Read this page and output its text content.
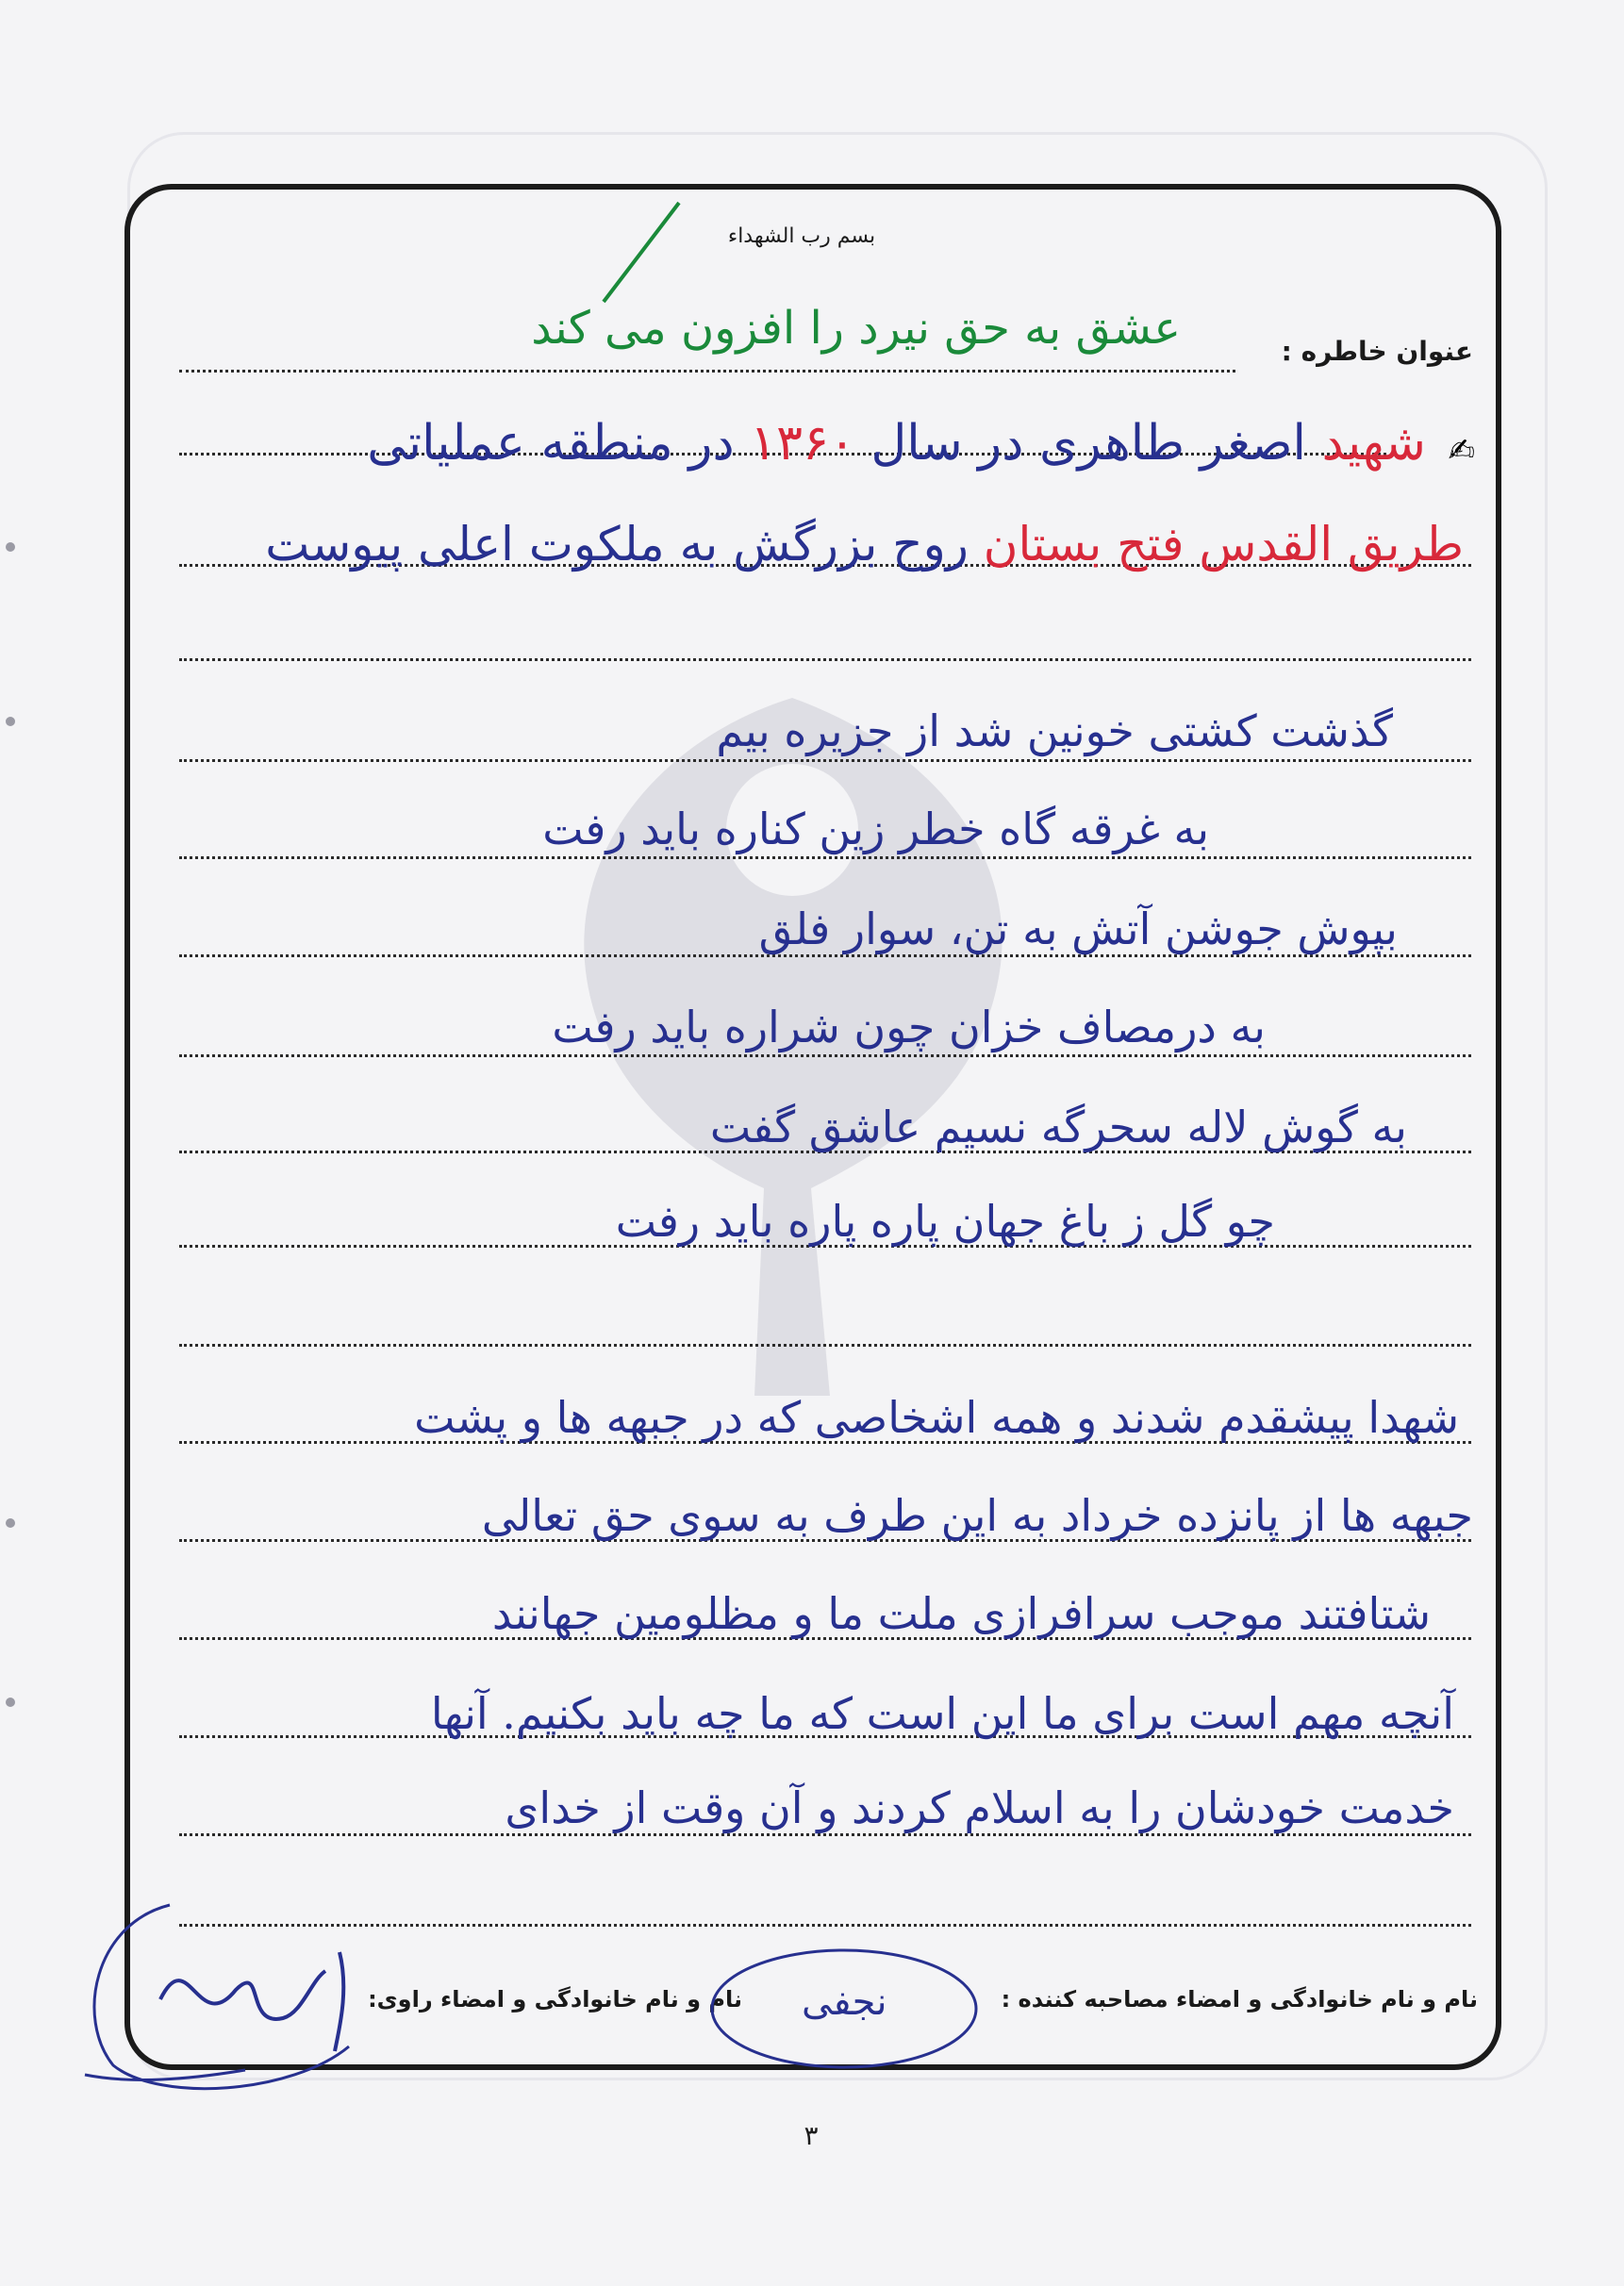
بسم رب الشهداء
عنوان خاطره :
عشق به حق نیرد را افزون می کند
✍
شهید اصغر طاهری در سال ۱۳۶۰ در منطقه عملیاتی
طریق القدس فتح بستان روح بزرگش به ملکوت اعلی پیوست
گذشت کشتی خونین شد از جزیره بیم
به غرقه گاه خطر زین کناره باید رفت
بپوش جوشن آتش به تن، سوار فلق
به درمصاف خزان چون شراره باید رفت
به گوش لاله سحرگه نسیم عاشق گفت
چو گل ز باغ جهان پاره پاره باید رفت
شهدا پیشقدم شدند و همه اشخاصی که در جبهه ها و پشت
جبهه ها از پانزده خرداد به این طرف به سوی حق تعالی
شتافتند موجب سرافرازی ملت ما و مظلومین جهانند
آنچه مهم است برای ما این است که ما چه باید بکنیم. آنها
خدمت خودشان را به اسلام کردند و آن وقت از خدای
نام و نام خانوادگی و امضاء مصاحبه کننده :
نام و نام خانوادگی و امضاء راوی: نجفی
۳
